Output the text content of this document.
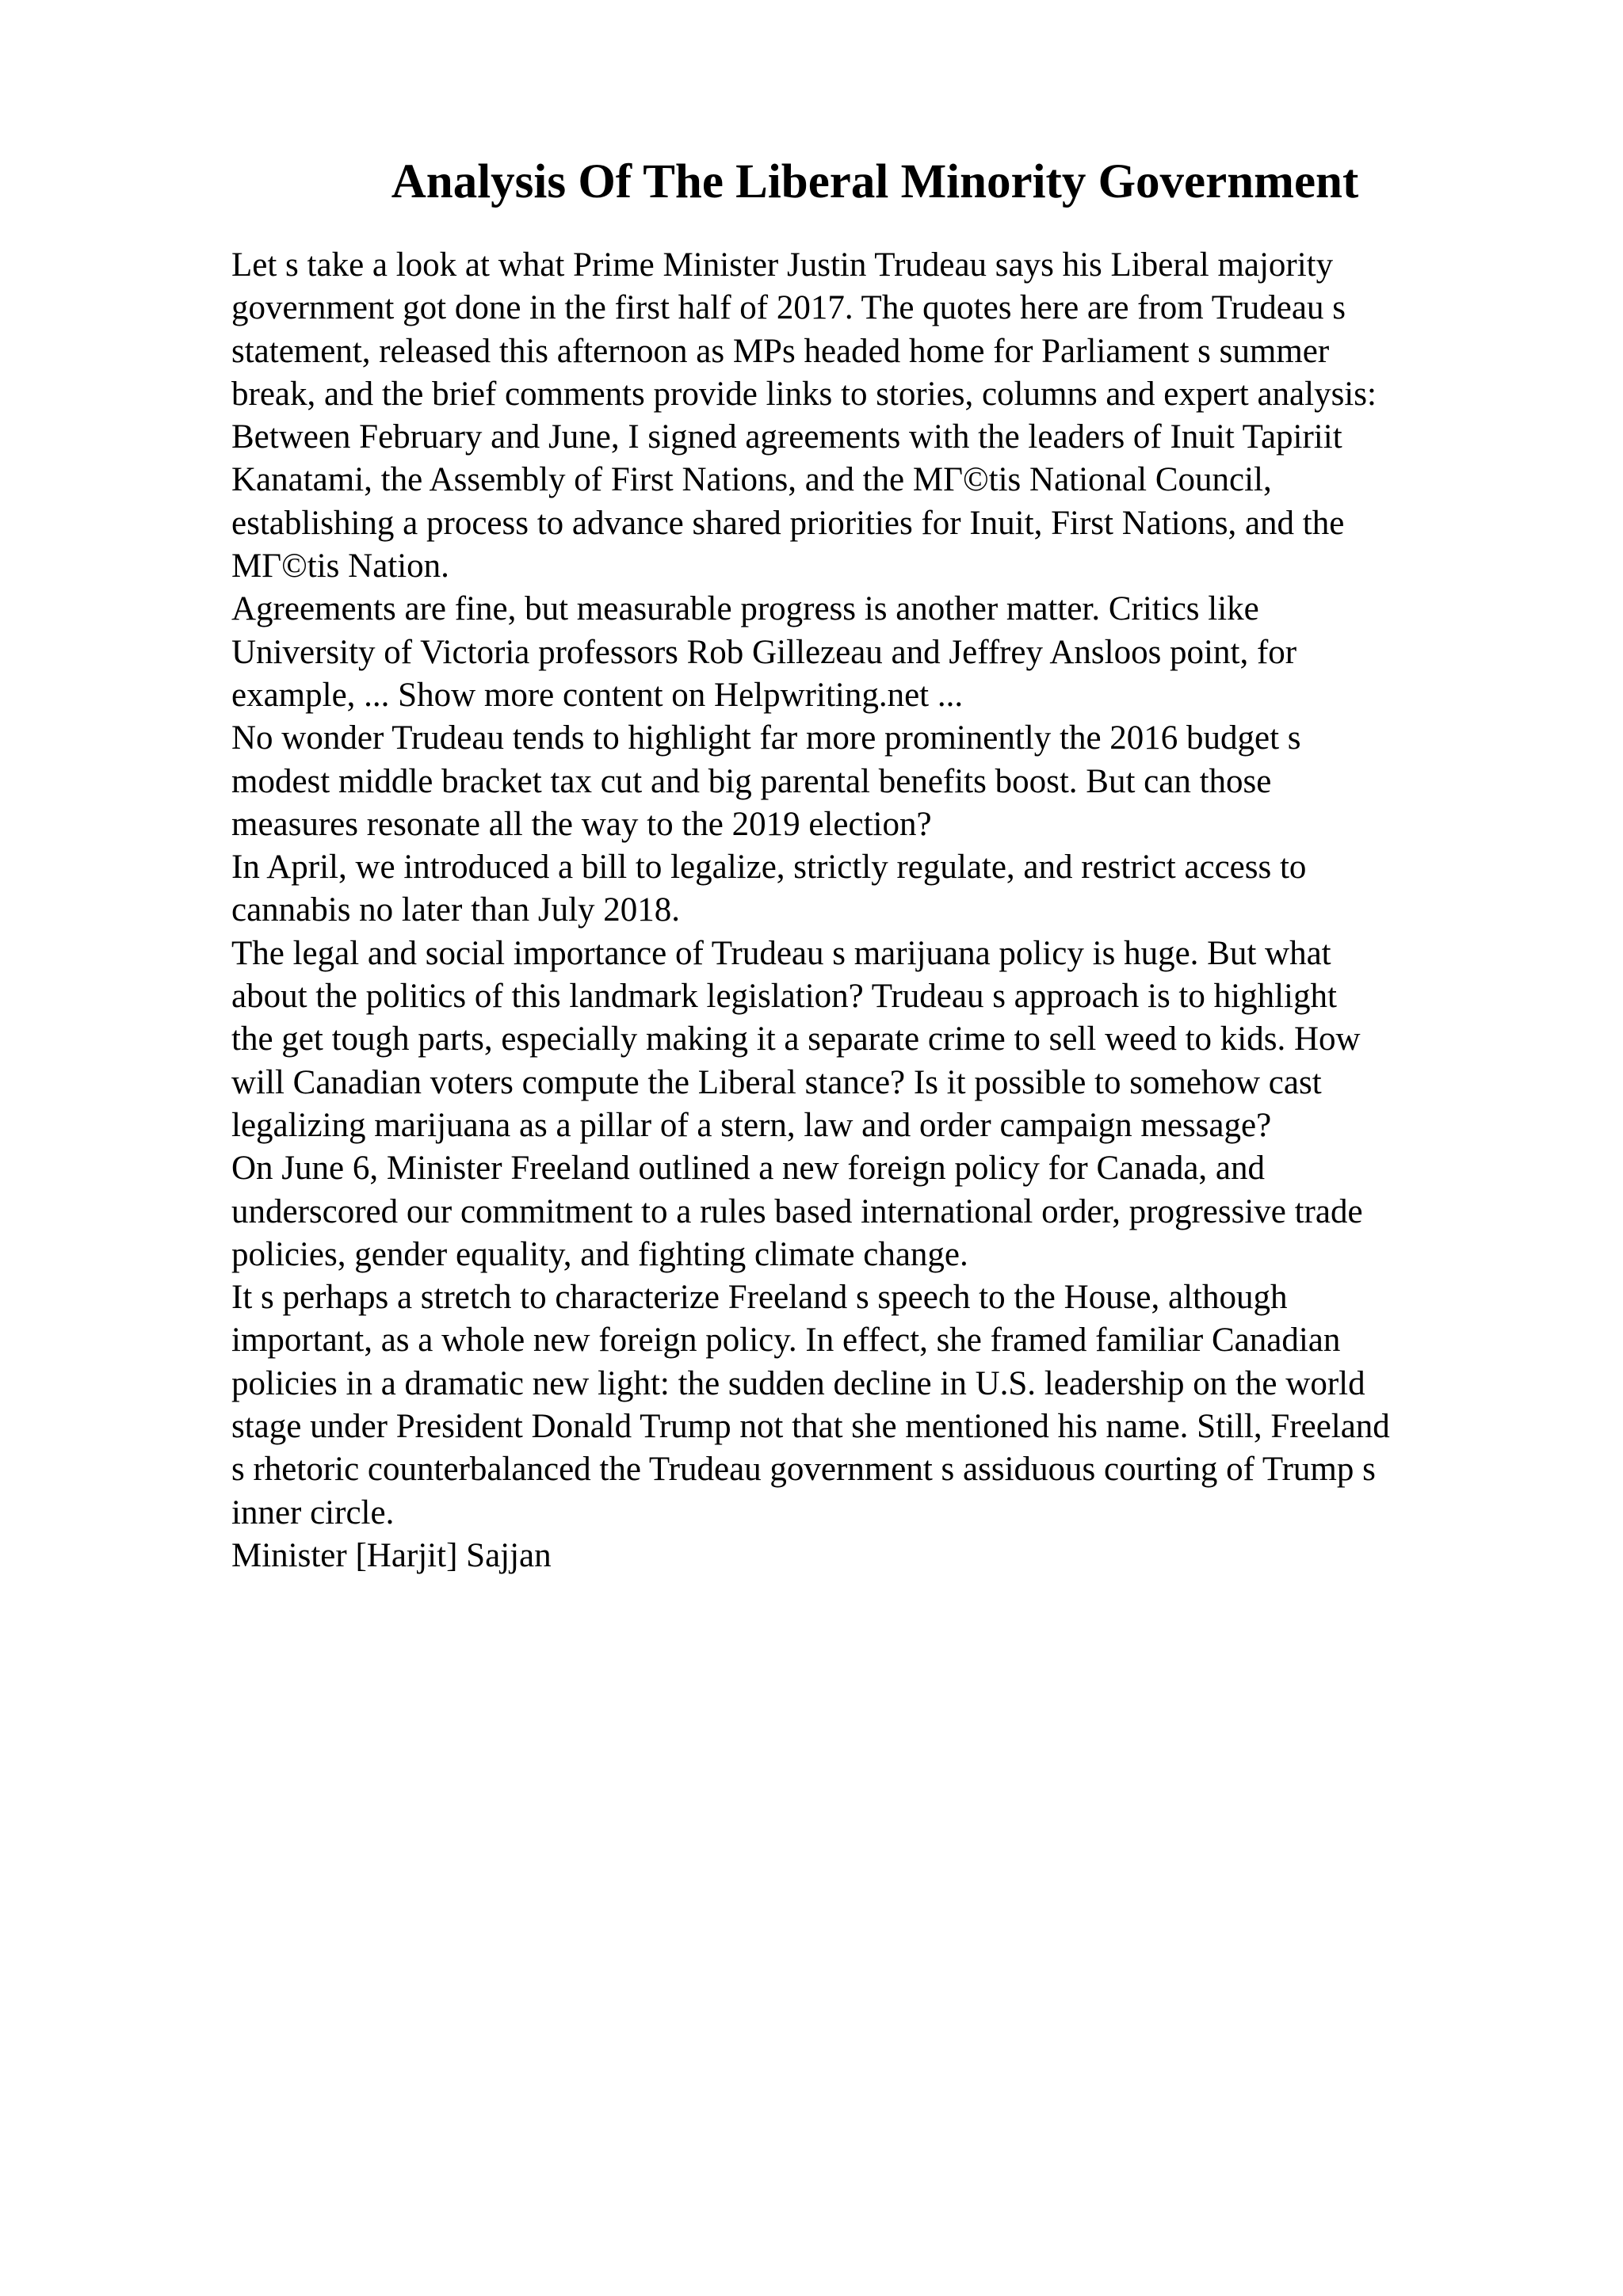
Analysis Of The Liberal Minority Government
Let s take a look at what Prime Minister Justin Trudeau says his Liberal majority
government got done in the first half of 2017. The quotes here are from Trudeau s
statement, released this afternoon as MPs headed home for Parliament s summer
break, and the brief comments provide links to stories, columns and expert analysis:
Between February and June, I signed agreements with the leaders of Inuit Tapiriit
Kanatami, the Assembly of First Nations, and the MГ©tis National Council,
establishing a process to advance shared priorities for Inuit, First Nations, and the
MГ©tis Nation.
Agreements are fine, but measurable progress is another matter. Critics like
University of Victoria professors Rob Gillezeau and Jeffrey Ansloos point, for
example, ... Show more content on Helpwriting.net ...
No wonder Trudeau tends to highlight far more prominently the 2016 budget s
modest middle bracket tax cut and big parental benefits boost. But can those
measures resonate all the way to the 2019 election?
In April, we introduced a bill to legalize, strictly regulate, and restrict access to
cannabis no later than July 2018.
The legal and social importance of Trudeau s marijuana policy is huge. But what
about the politics of this landmark legislation? Trudeau s approach is to highlight
the get tough parts, especially making it a separate crime to sell weed to kids. How
will Canadian voters compute the Liberal stance? Is it possible to somehow cast
legalizing marijuana as a pillar of a stern, law and order campaign message?
On June 6, Minister Freeland outlined a new foreign policy for Canada, and
underscored our commitment to a rules based international order, progressive trade
policies, gender equality, and fighting climate change.
It s perhaps a stretch to characterize Freeland s speech to the House, although
important, as a whole new foreign policy. In effect, she framed familiar Canadian
policies in a dramatic new light: the sudden decline in U.S. leadership on the world
stage under President Donald Trump not that she mentioned his name. Still, Freeland
s rhetoric counterbalanced the Trudeau government s assiduous courting of Trump s
inner circle.
Minister [Harjit] Sajjan
